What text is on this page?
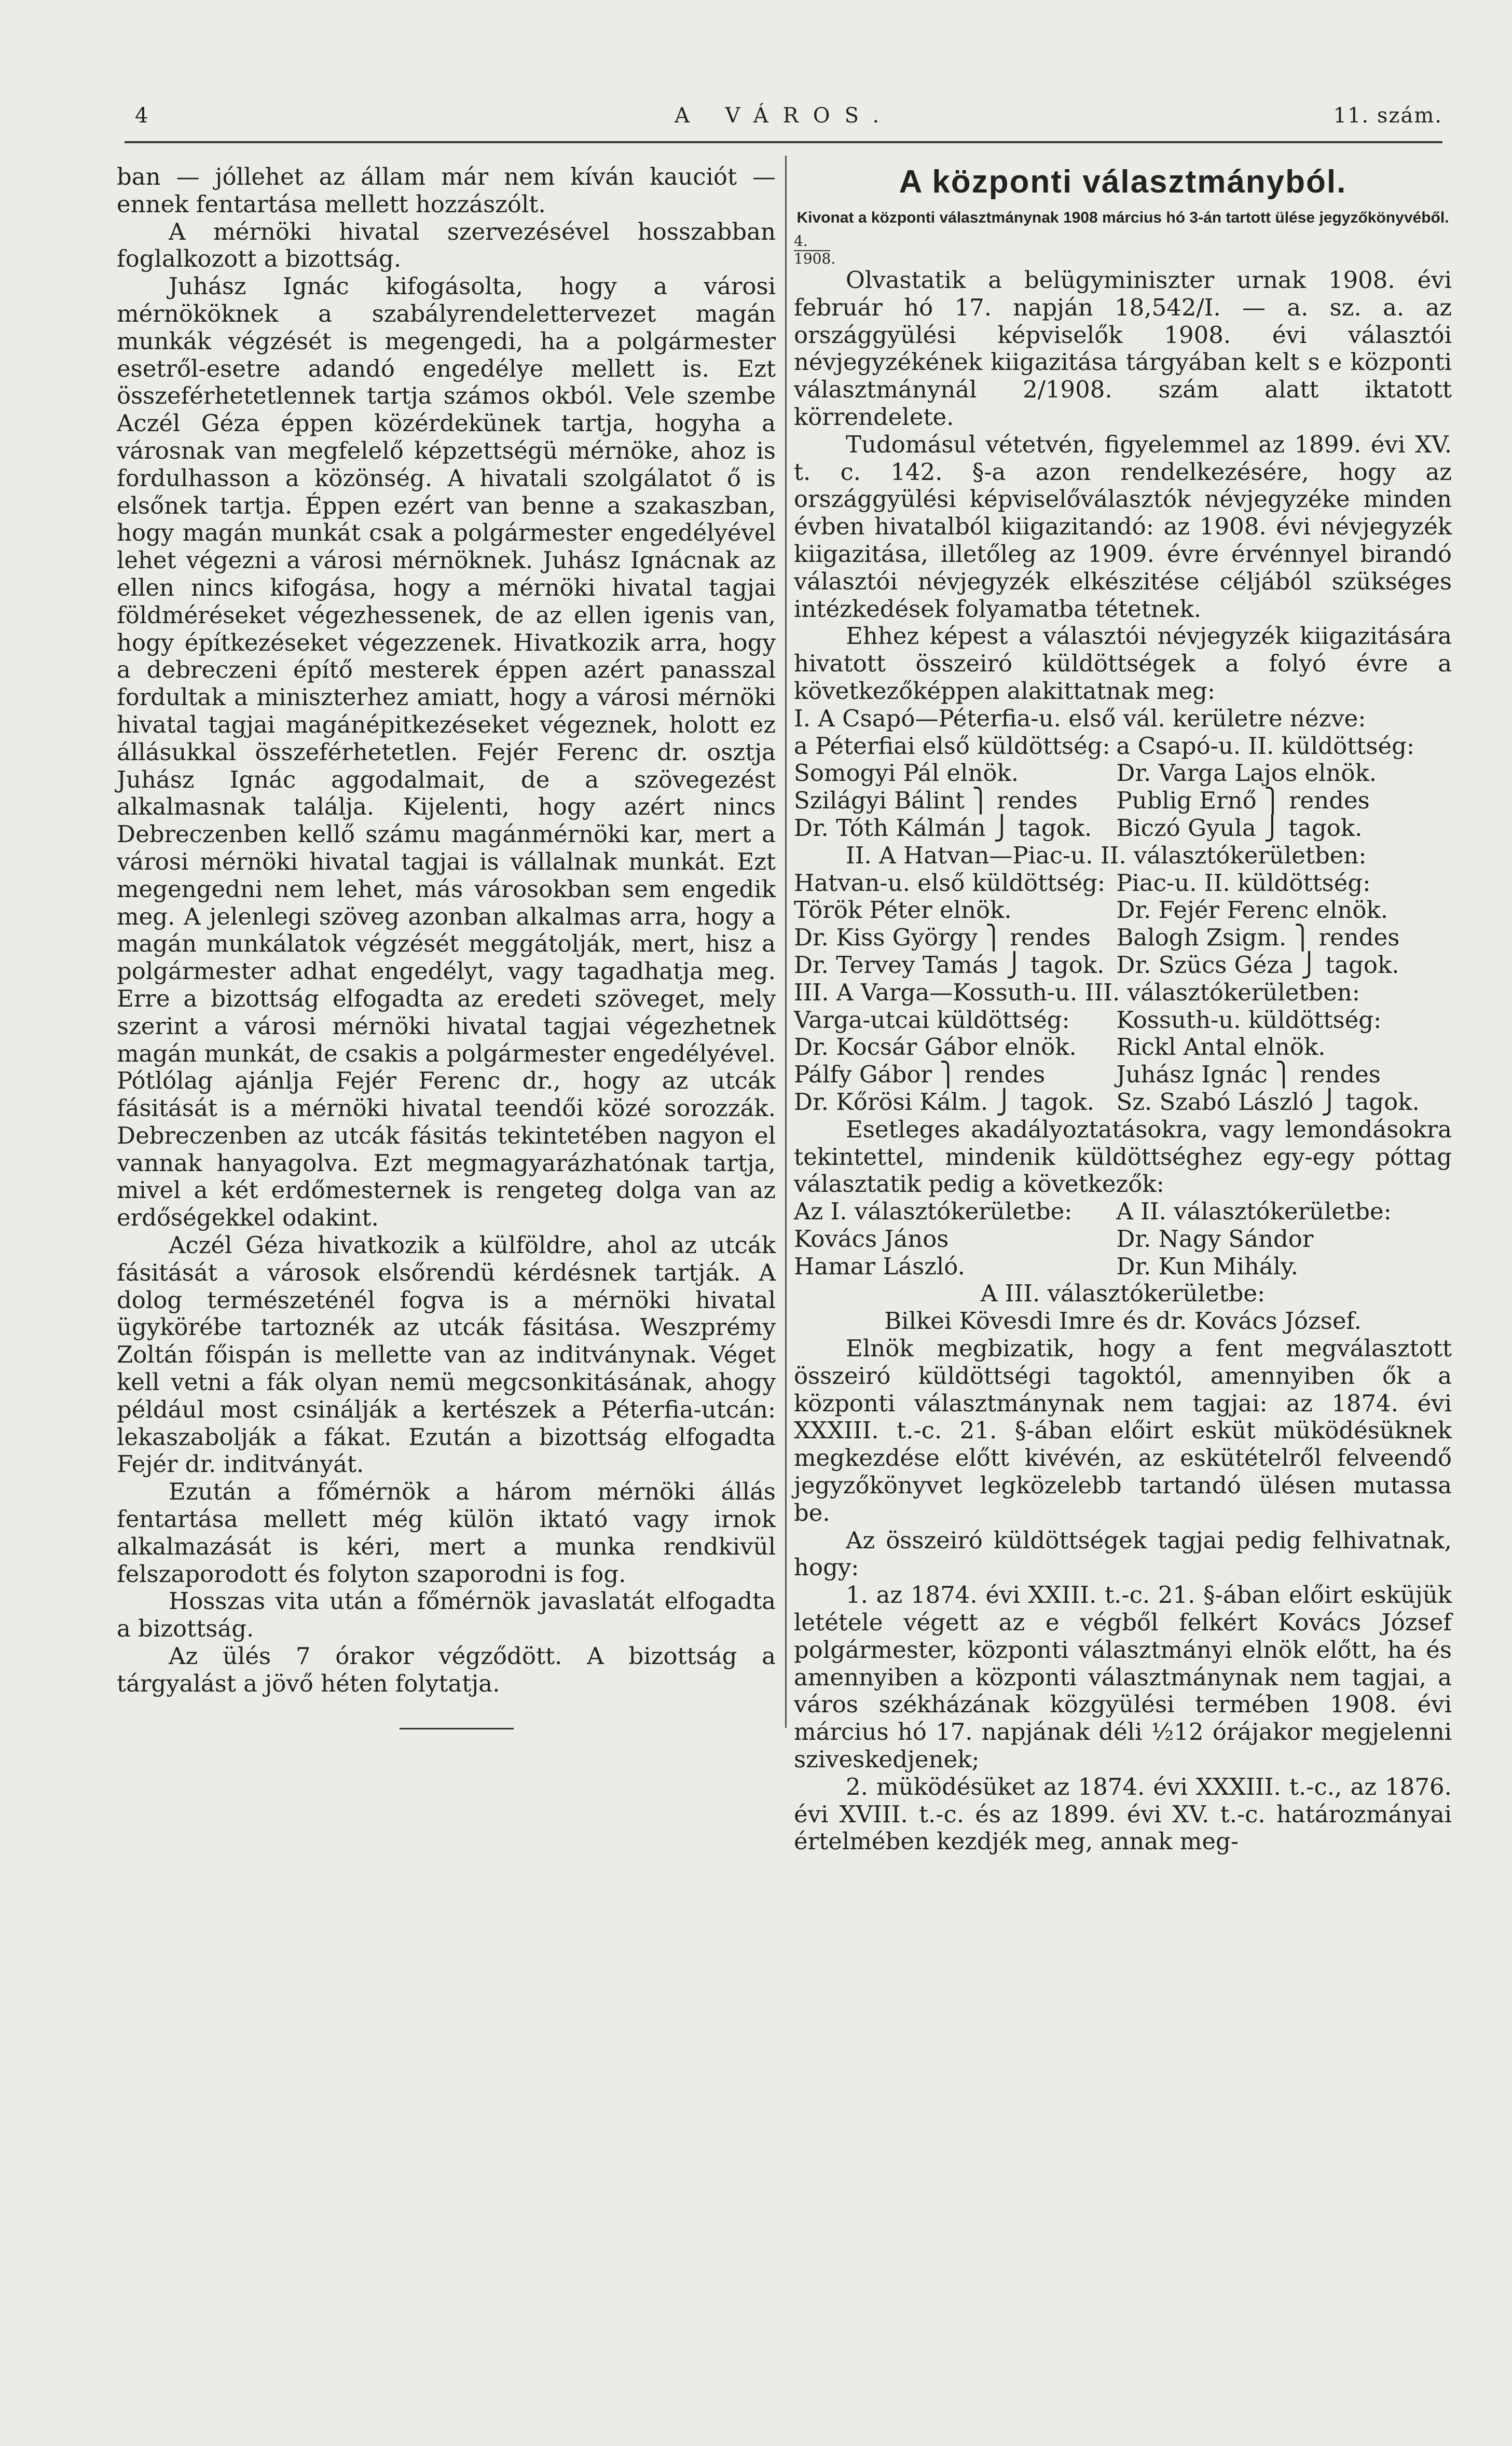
4	A VÁROS.	11. szám.

ban — jóllehet az állam már nem kíván kauciót — ennek fentartása mellett hozzászólt.

A mérnöki hivatal szervezésével hosszabban foglalkozott a bizottság.

Juhász Ignác kifogásolta, hogy a városi mérnököknek a szabályrendelettervezet magán munkák végzését is megengedi, ha a polgármester esetről-esetre adandó engedélye mellett is. Ezt összeférhetetlennek tartja számos okból. Vele szembe Aczél Géza éppen közérdekünek tartja, hogyha a városnak van megfelelő képzettségü mérnöke, ahoz is fordulhasson a közönség. A hivatali szolgálatot ő is elsőnek tartja. Éppen ezért van benne a szakaszban, hogy magán munkát csak a polgármester engedélyével lehet végezni a városi mérnöknek. Juhász Ignácnak az ellen nincs kifogása, hogy a mérnöki hivatal tagjai földméréseket végezhessenek, de az ellen igenis van, hogy építkezéseket végezzenek. Hivatkozik arra, hogy a debreczeni építő mesterek éppen azért panasszal fordultak a miniszterhez amiatt, hogy a városi mérnöki hivatal tagjai magánépitkezéseket végeznek, holott ez állásukkal összeférhetetlen. Fejér Ferenc dr. osztja Juhász Ignác aggodalmait, de a szövegezést alkalmasnak találja. Kijelenti, hogy azért nincs Debreczenben kellő számu magánmérnöki kar, mert a városi mérnöki hivatal tagjai is vállalnak munkát. Ezt megengedni nem lehet, más városokban sem engedik meg. A jelenlegi szöveg azonban alkalmas arra, hogy a magán munkálatok végzését meggátolják, mert, hisz a polgármester adhat engedélyt, vagy tagadhatja meg. Erre a bizottság elfogadta az eredeti szöveget, mely szerint a városi mérnöki hivatal tagjai végezhetnek magán munkát, de csakis a polgármester engedélyével. Pótlólag ajánlja Fejér Ferenc dr., hogy az utcák fásitását is a mérnöki hivatal teendői közé sorozzák. Debreczenben az utcák fásitás tekintetében nagyon el vannak hanyagolva. Ezt megmagyarázhatónak tartja, mivel a két erdőmesternek is rengeteg dolga van az erdőségekkel odakint.

Aczél Géza hivatkozik a külföldre, ahol az utcák fásitását a városok elsőrendü kérdésnek tartják. A dolog természeténél fogva is a mérnöki hivatal ügykörébe tartoznék az utcák fásitása. Weszprémy Zoltán főispán is mellette van az inditványnak. Véget kell vetni a fák olyan nemü megcsonkitásának, ahogy például most csinálják a kertészek a Péterfia-utcán: lekaszabolják a fákat. Ezután a bizottság elfogadta Fejér dr. inditványát.

Ezután a főmérnök a három mérnöki állás fentartása mellett még külön iktató vagy irnok alkalmazását is kéri, mert a munka rendkivül felszaporodott és folyton szaporodni is fog.

Hosszas vita után a főmérnök javaslatát elfogadta a bizottság.

Az ülés 7 órakor végződött. A bizottság a tárgyalást a jövő héten folytatja.

A központi választmányból.
Kivonat a központi választmánynak 1908 március hó 3-án tartott ülése jegyzőkönyvéből.
4.
1908.

Olvastatik a belügyminiszter urnak 1908. évi február hó 17. napján 18,542/I. — a. sz. a. az országgyülési képviselők 1908. évi választói névjegyzékének kiigazitása tárgyában kelt s e központi választmánynál 2/1908. szám alatt iktatott körrendelete.

Tudomásul vétetvén, figyelemmel az 1899. évi XV. t. c. 142. §-a azon rendelkezésére, hogy az országgyülési képviselőválasztók névjegyzéke minden évben hivatalból kiigazitandó: az 1908. évi névjegyzék kiigazitása, illetőleg az 1909. évre érvénnyel birandó választói névjegyzék elkészitése céljából szükséges intézkedések folyamatba tétetnek.

Ehhez képest a választói névjegyzék kiigazitására hivatott összeiró küldöttségek a folyó évre a következőképpen alakittatnak meg:

I. A Csapó—Péterfia-u. első vál. kerületre nézve:

a Péterfiai első küldöttség:	a Csapó-u. II. küldöttség:
Somogyi Pál elnök.	Dr. Varga Lajos elnök.
Szilágyi Bálint ⎫ rendes	Publig Ernő ⎫ rendes
Dr. Tóth Kálmán ⎭ tagok.	Biczó Gyula ⎭ tagok.

II. A Hatvan—Piac-u. II. választókerületben:

Hatvan-u. első küldöttség:	Piac-u. II. küldöttség:
Török Péter elnök.	Dr. Fejér Ferenc elnök.
Dr. Kiss György ⎫ rendes	Balogh Zsigm. ⎫ rendes
Dr. Tervey Tamás ⎭ tagok.	Dr. Szücs Géza ⎭ tagok.

III. A Varga—Kossuth-u. III. választókerületben:

Varga-utcai küldöttség:	Kossuth-u. küldöttség:
Dr. Kocsár Gábor elnök.	Rickl Antal elnök.
Pálfy Gábor ⎫ rendes	Juhász Ignác ⎫ rendes
Dr. Kőrösi Kálm. ⎭ tagok.	Sz. Szabó László ⎭ tagok.

Esetleges akadályoztatásokra, vagy lemondásokra tekintettel, mindenik küldöttséghez egy-egy póttag választatik pedig a következők:

Az I. választókerületbe:	A II. választókerületbe:
Kovács János	Dr. Nagy Sándor
Hamar László.	Dr. Kun Mihály.

A III. választókerületbe:

Bilkei Kövesdi Imre és dr. Kovács József.

Elnök megbizatik, hogy a fent megválasztott összeiró küldöttségi tagoktól, amennyiben ők a központi választmánynak nem tagjai: az 1874. évi XXXIII. t.-c. 21. §-ában előirt esküt müködésüknek megkezdése előtt kivévén, az eskütételről felveendő jegyzőkönyvet legközelebb tartandó ülésen mutassa be.

Az összeiró küldöttségek tagjai pedig felhivatnak, hogy:

1. az 1874. évi XXIII. t.-c. 21. §-ában előirt esküjük letétele végett az e végből felkért Kovács József polgármester, központi választmányi elnök előtt, ha és amennyiben a központi választmánynak nem tagjai, a város székházának közgyülési termében 1908. évi március hó 17. napjának déli ½12 órájakor megjelenni sziveskedjenek;

2. müködésüket az 1874. évi XXXIII. t.-c., az 1876. évi XVIII. t.-c. és az 1899. évi XV. t.-c. határozmányai értelmében kezdjék meg, annak meg-
